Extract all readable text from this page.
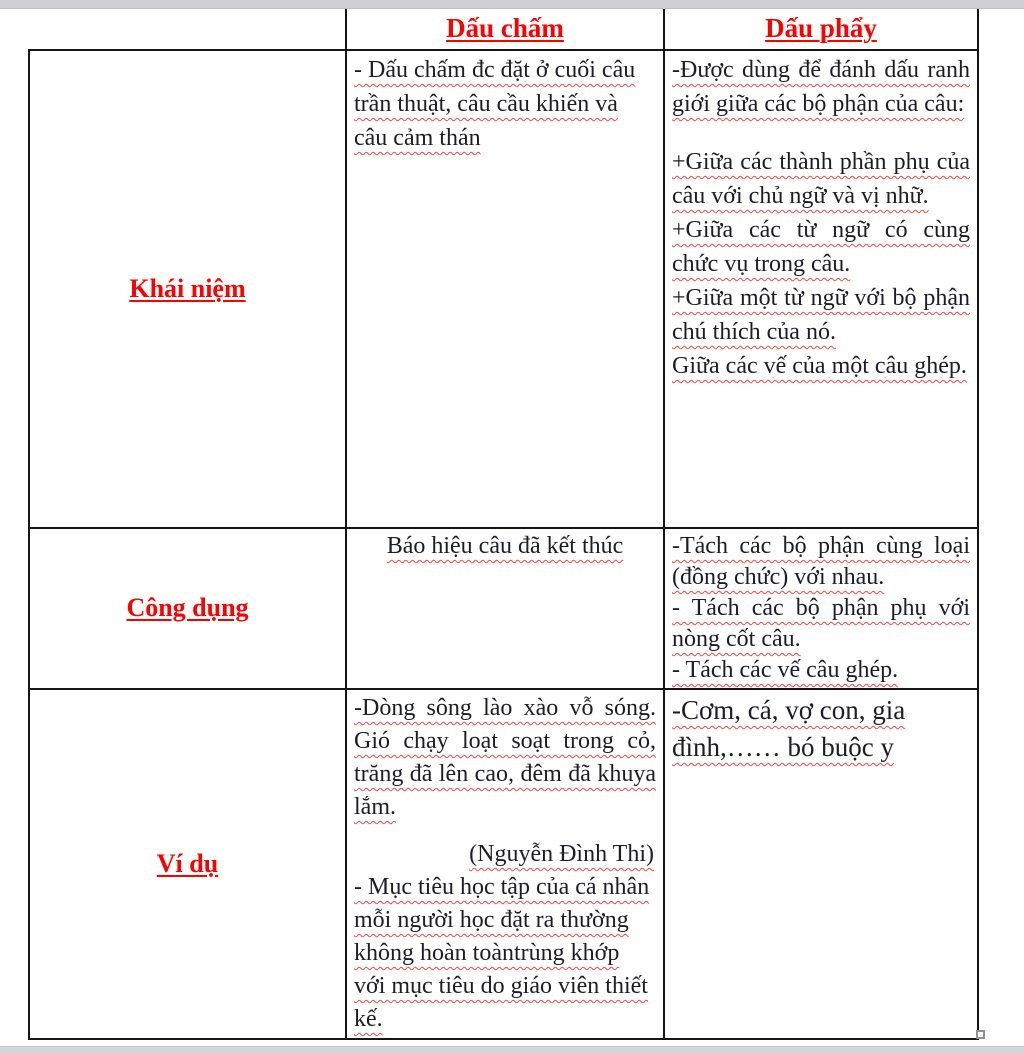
	Dấu chấm	Dấu phẩy
Khái niệm	- Dấu chấm đc đặt ở cuối câu trần thuật, câu cầu khiến và câu cảm thán	-Được dùng để đánh dấu ranh giới giữa các bộ phận của câu:

+Giữa các thành phần phụ của câu với chủ ngữ và vị nhữ.

+Giữa các từ ngữ có cùng chức vụ trong câu.

+Giữa một từ ngữ với bộ phận chú thích của nó.

Giữa các vế của một câu ghép.

Công dụng	Báo hiệu câu đã kết thúc	-Tách các bộ phận cùng loại (đồng chức) với nhau.

- Tách các bộ phận phụ với nòng cốt câu.

- Tách các vế câu ghép.

Ví dụ	-Dòng sông lào xào vỗ sóng. Gió chạy loạt soạt trong cỏ, trăng đã lên cao, đêm đã khuya lắm.

(Nguyễn Đình Thi)

- Mục tiêu học tập của cá nhân mỗi người học đặt ra thường không hoàn toàntrùng khớp với mục tiêu do giáo viên thiết kế.	-Cơm, cá, vợ con, gia đình,…… bó buộc y
